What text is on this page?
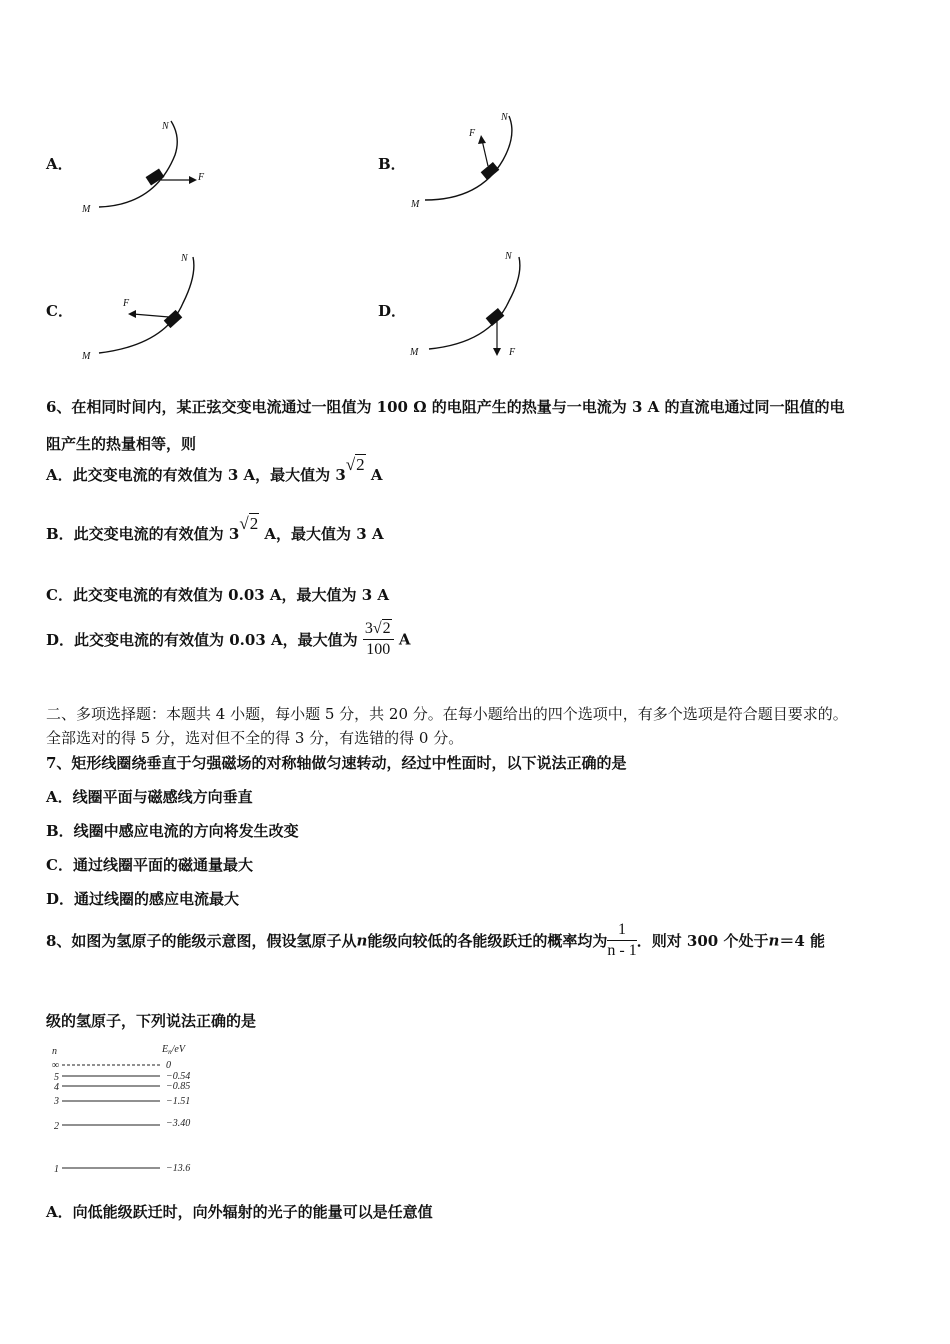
A．
F
M
N
B．
F
M
N
C．	F
M
N
D．
F
M
N
6、在相同时间内，某正弦交变电流通过一阻值为 100 Ω 的电阻产生的热量与一电流为 3 A 的直流电通过同一阻值的电
阻产生的热量相等，则
A．此交变电流的有效值为 3 A，最大值为 3√2 A
B．此交变电流的有效值为 3√2 A，最大值为 3 A
C．此交变电流的有效值为 0.03 A，最大值为 3 A
D．此交变电流的有效值为 0.03 A，最大值为 $\frac{3√2}{100}$ A
二、多项选择题：本题共 4 小题，每小题 5 分，共 20 分。在每小题给出的四个选项中，有多个选项是符合题目要求的。
全部选对的得 5 分，选对但不全的得 3 分，有选错的得 0 分。
7、矩形线圈绕垂直于匀强磁场的对称轴做匀速转动，经过中性面时，以下说法正确的是
A．线圈平面与磁感线方向垂直
B．线圈中感应电流的方向将发生改变
C．通过线圈平面的磁通量最大
D．通过线圈的感应电流最大
8、如图为氢原子的能级示意图，假设氢原子从n能级向较低的各能级跃迁的概率均为 $\frac{1}{n - 1}$ ．则对 300 个处于n＝4 能
级的氢原子，下列说法正确的是
n	$E_n/eV$
∞	0
5	−0.54
4	−0.85
3	−1.51
2	−3.40
1	−13.6
A．向低能级跃迁时，向外辐射的光子的能量可以是任意值
